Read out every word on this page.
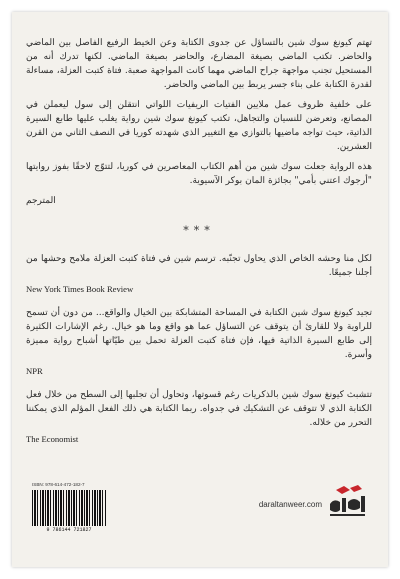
تهتم كيونغ سوك شين بالتساؤل عن جدوى الكتابة وعن الخيط الرفيع الفاصل بين الماضي والحاضر. تكتب الماضي بصيغة المضارع، والحاضر بصيغة الماضي. لكنها تدرك أنه من المستحيل تجنب مواجهة جراح الماضي مهما كانت المواجهة صعبة. فتاة كتبت العزلة، مساءلة لقدرة الكتابة على بناء جسر يربط بين الماضي والحاضر.

على خلفية ظروف عمل ملايين الفتيات الريفيات اللواتي انتقلن إلى سول ليعملن في المصانع، وتعرضن للنسيان والتجاهل، تكتب كيونغ سوك شين رواية يغلب عليها طابع السيرة الذاتية، حيث تواجه ماضيها بالتوازي مع التغيير الذي شهدته كوريا في النصف الثاني من القرن العشرين.

هذه الرواية جعلت سوك شين من أهم الكتاب المعاصرين في كوريا، لتتوّج لاحقًا بفوز روايتها "أرجوك اعتني بأمي" بجائزة المان بوكر الآسيوية.

المترجم

***

لكل منا وحشه الخاص الذي يحاول تجنّبه. ترسم شين في فتاة كتبت العزلة ملامح وحشها من أجلنا جميعًا.

New York Times Book Review

تجيد كيونغ سوك شين الكتابة في المساحة المتشابكة بين الخيال والواقع... من دون أن تسمح للراوية ولا للقارئ أن يتوقف عن التساؤل عما هو واقع وما هو خيال. رغم الإشارات الكثيرة إلى طابع السيرة الذاتية فيها، فإن فتاة كتبت العزلة تحمل بين طيّاتها أشباح رواية مميزة وأسرة.

NPR

تتشبث كيونغ سوك شين بالذكريات رغم قسوتها، وتحاول أن تجلبها إلى السطح من خلال فعل الكتابة الذي لا تتوقف عن التشكيك في جدواه. ربما الكتابة هي ذلك الفعل المؤلم الذي يمكننا التحرر من خلاله.

The Economist

ISBN: 978-614-472-182-7
9 786144 721827
daraltanweer.com
